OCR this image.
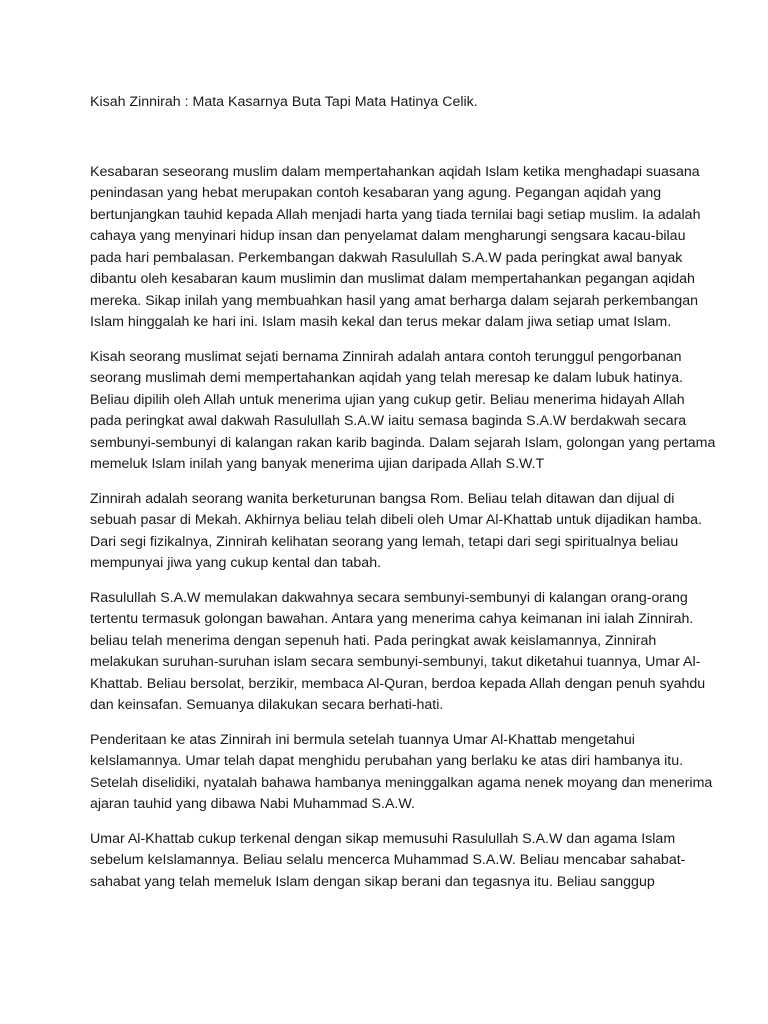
Kisah Zinnirah : Mata Kasarnya Buta Tapi Mata Hatinya Celik.

Kesabaran seseorang muslim dalam mempertahankan aqidah Islam ketika menghadapi suasana penindasan yang hebat merupakan contoh kesabaran yang agung. Pegangan aqidah yang bertunjangkan tauhid kepada Allah menjadi harta yang tiada ternilai bagi setiap muslim. Ia adalah cahaya yang menyinari hidup insan dan penyelamat dalam mengharungi sengsara kacau-bilau pada hari pembalasan. Perkembangan dakwah Rasulullah S.A.W pada peringkat awal banyak dibantu oleh kesabaran kaum muslimin dan muslimat dalam mempertahankan pegangan aqidah mereka. Sikap inilah yang membuahkan hasil yang amat berharga dalam sejarah perkembangan Islam hinggalah ke hari ini. Islam masih kekal dan terus mekar dalam jiwa setiap umat Islam.

Kisah seorang muslimat sejati bernama Zinnirah adalah antara contoh terunggul pengorbanan seorang muslimah demi mempertahankan aqidah yang telah meresap ke dalam lubuk hatinya. Beliau dipilih oleh Allah untuk menerima ujian yang cukup getir. Beliau menerima hidayah Allah pada peringkat awal dakwah Rasulullah S.A.W iaitu semasa baginda S.A.W berdakwah secara sembunyi-sembunyi di kalangan rakan karib baginda. Dalam sejarah Islam, golongan yang pertama memeluk Islam inilah yang banyak menerima ujian daripada Allah S.W.T

Zinnirah adalah seorang wanita berketurunan bangsa Rom. Beliau telah ditawan dan dijual di sebuah pasar di Mekah. Akhirnya beliau telah dibeli oleh Umar Al-Khattab untuk dijadikan hamba. Dari segi fizikalnya, Zinnirah kelihatan seorang yang lemah, tetapi dari segi spiritualnya beliau mempunyai jiwa yang cukup kental dan tabah.

Rasulullah S.A.W memulakan dakwahnya secara sembunyi-sembunyi di kalangan orang-orang tertentu termasuk golongan bawahan. Antara yang menerima cahya keimanan ini ialah Zinnirah. beliau telah menerima dengan sepenuh hati. Pada peringkat awak keislamannya, Zinnirah melakukan suruhan-suruhan islam secara sembunyi-sembunyi, takut diketahui tuannya, Umar Al-Khattab. Beliau bersolat, berzikir, membaca Al-Quran, berdoa kepada Allah dengan penuh syahdu dan keinsafan. Semuanya dilakukan secara berhati-hati.

Penderitaan ke atas Zinnirah ini bermula setelah tuannya Umar Al-Khattab mengetahui keIslamannya. Umar telah dapat menghidu perubahan yang berlaku ke atas diri hambanya itu. Setelah diselidiki, nyatalah bahawa hambanya meninggalkan agama nenek moyang dan menerima ajaran tauhid yang dibawa Nabi Muhammad S.A.W.

Umar Al-Khattab cukup terkenal dengan sikap memusuhi Rasulullah S.A.W dan agama Islam sebelum keIslamannya. Beliau selalu mencerca Muhammad S.A.W. Beliau mencabar sahabat-sahabat yang telah memeluk Islam dengan sikap berani dan tegasnya itu. Beliau sanggup
